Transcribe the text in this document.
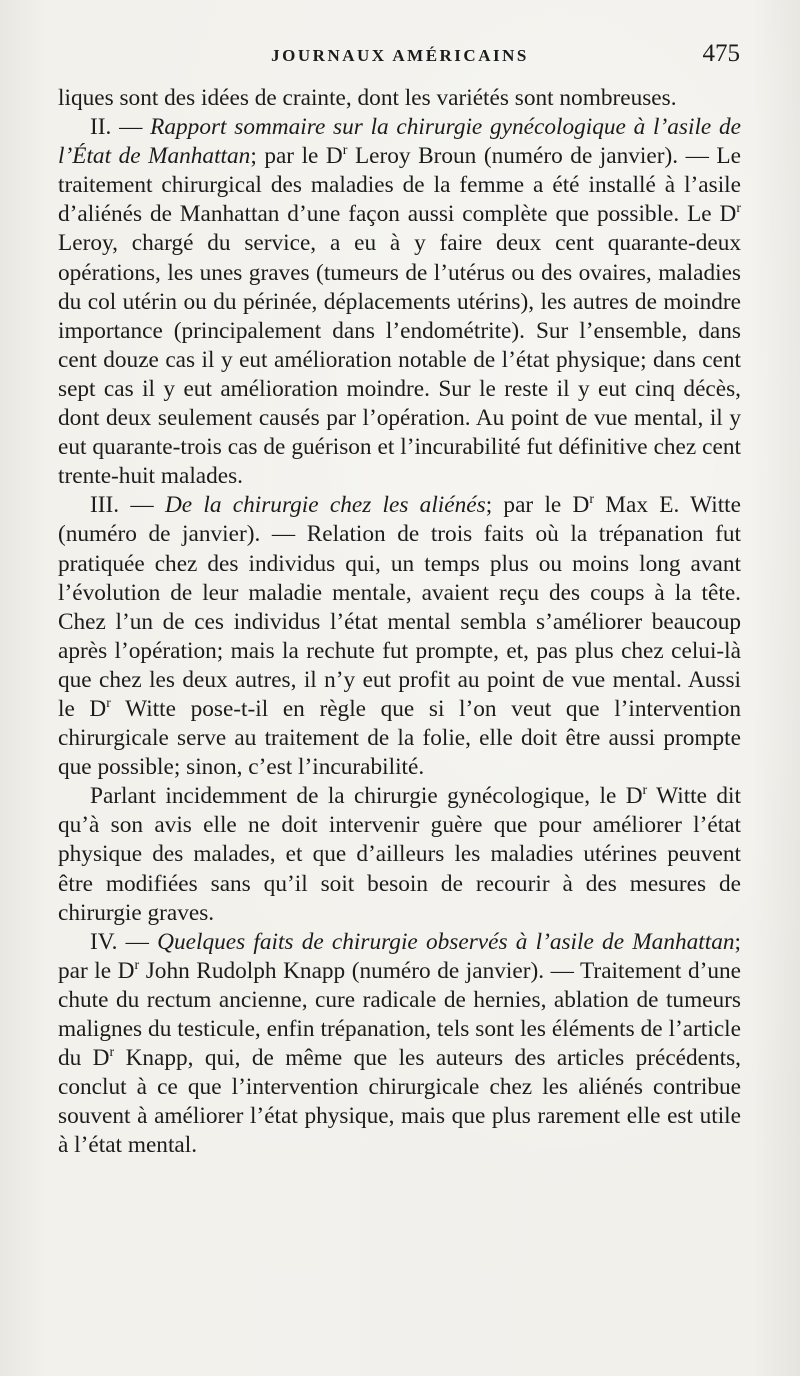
JOURNAUX AMÉRICAINS	475

liques sont des idées de crainte, dont les variétés sont nombreuses.

II. — Rapport sommaire sur la chirurgie gynécologique à l’asile de l’État de Manhattan; par le $D^r$ Leroy Broun (numéro de janvier). — Le traitement chirurgical des maladies de la femme a été installé à l’asile d’aliénés de Manhattan d’une façon aussi complète que possible. Le $D^r$ Leroy, chargé du service, a eu à y faire deux cent quarante-deux opérations, les unes graves (tumeurs de l’utérus ou des ovaires, maladies du col utérin ou du périnée, déplacements utérins), les autres de moindre importance (principalement dans l’endométrite). Sur l’ensemble, dans cent douze cas il y eut amélioration notable de l’état physique; dans cent sept cas il y eut amélioration moindre. Sur le reste il y eut cinq décès, dont deux seulement causés par l’opération. Au point de vue mental, il y eut quarante-trois cas de guérison et l’incurabilité fut définitive chez cent trente-huit malades.

III. — De la chirurgie chez les aliénés; par le $D^r$ Max E. Witte (numéro de janvier). — Relation de trois faits où la trépanation fut pratiquée chez des individus qui, un temps plus ou moins long avant l’évolution de leur maladie mentale, avaient reçu des coups à la tête. Chez l’un de ces individus l’état mental sembla s’améliorer beaucoup après l’opération; mais la rechute fut prompte, et, pas plus chez celui-là que chez les deux autres, il n’y eut profit au point de vue mental. Aussi le $D^r$ Witte pose-t-il en règle que si l’on veut que l’intervention chirurgicale serve au traitement de la folie, elle doit être aussi prompte que possible; sinon, c’est l’incurabilité.

Parlant incidemment de la chirurgie gynécologique, le $D^r$ Witte dit qu’à son avis elle ne doit intervenir guère que pour améliorer l’état physique des malades, et que d’ailleurs les maladies utérines peuvent être modifiées sans qu’il soit besoin de recourir à des mesures de chirurgie graves.

IV. — Quelques faits de chirurgie observés à l’asile de Manhattan; par le $D^r$ John Rudolph Knapp (numéro de janvier). — Traitement d’une chute du rectum ancienne, cure radicale de hernies, ablation de tumeurs malignes du testicule, enfin trépanation, tels sont les éléments de l’article du $D^r$ Knapp, qui, de même que les auteurs des articles précédents, conclut à ce que l’intervention chirurgicale chez les aliénés contribue souvent à améliorer l’état physique, mais que plus rarement elle est utile à l’état mental.
